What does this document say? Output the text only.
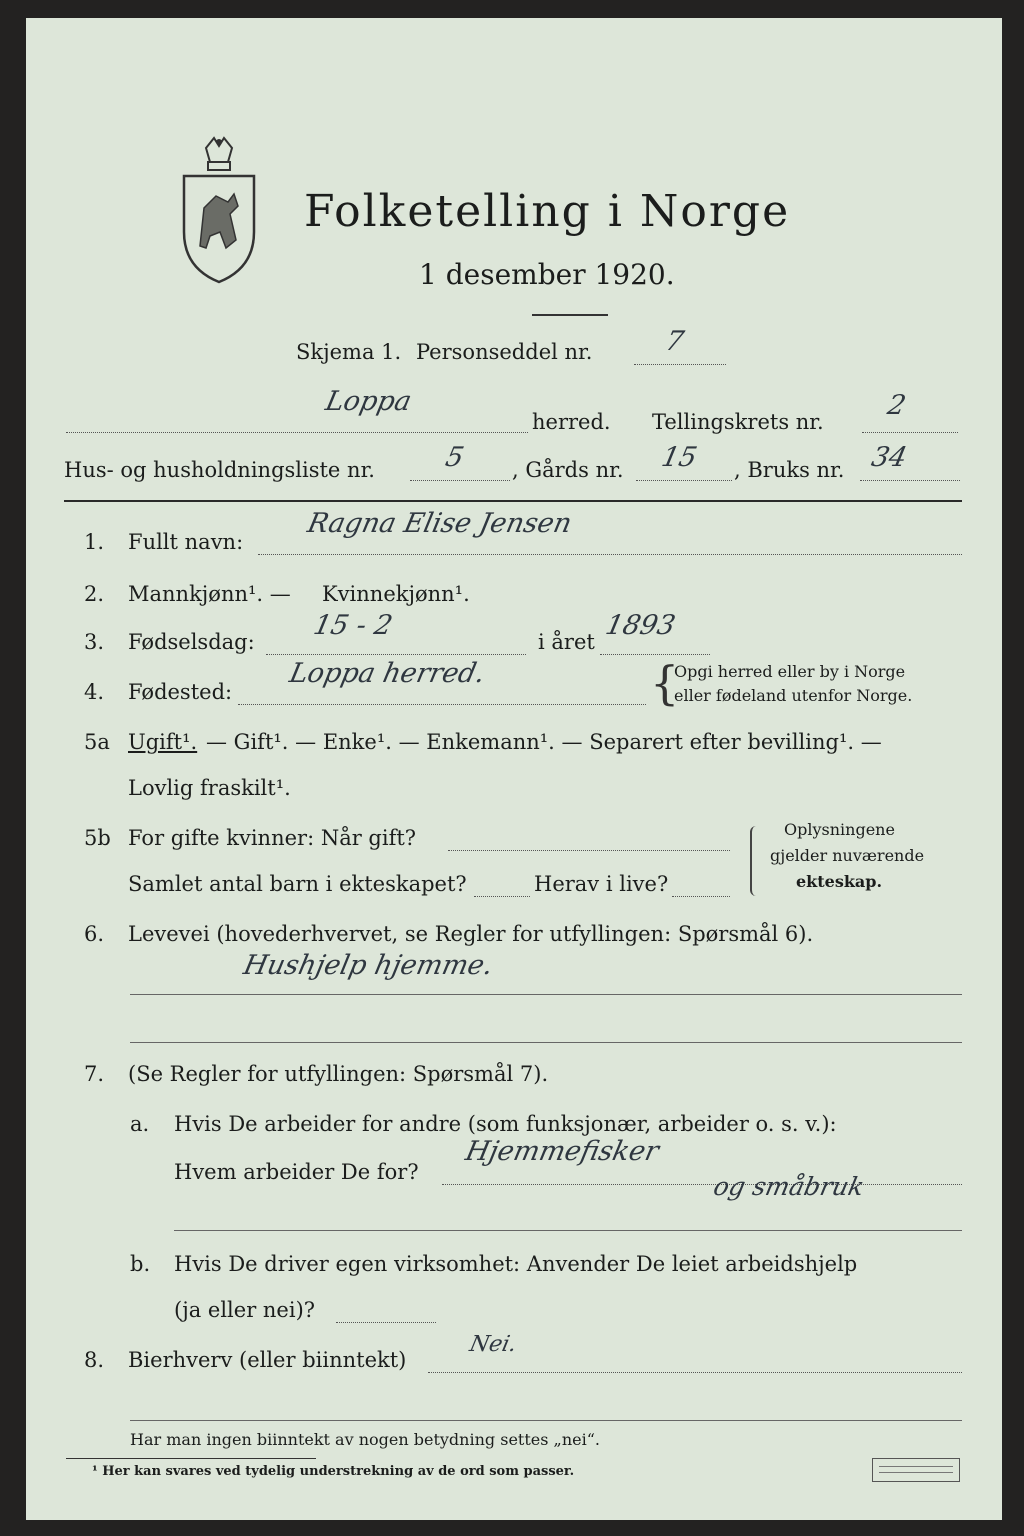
Folketelling i Norge
1 desember 1920.
Skjema 1. Personseddel nr.	7
Loppa
herred. Tellingskrets nr.
2
Hus- og husholdningsliste nr.	5 , Gårds nr. 15 , Bruks nr. 34
1. Fullt navn:
Ragna Elise Jensen
2. Mannkjønn¹. — Kvinnekjønn¹.
3. Fødselsdag:
15 - 2
i året
1893
4. Fødested:
Loppa herred.	{
Opgi herred eller by i Norge
eller fødeland utenfor Norge.
5a Ugift¹. — Gift¹. — Enke¹. — Enkemann¹. — Separert efter bevilling¹. —
Lovlig fraskilt¹.
5b For gifte kvinner: Når gift?
Samlet antal barn i ekteskapet?	Herav i live?
Oplysningene
gjelder nuværende
ekteskap.
6. Levevei (hovederhvervet, se Regler for utfyllingen: Spørsmål 6).
Hushjelp hjemme.
7. (Se Regler for utfyllingen: Spørsmål 7).
a. Hvis De arbeider for andre (som funksjonær, arbeider o. s. v.):
Hvem arbeider De for?
Hjemmefisker
og småbruk
b. Hvis De driver egen virksomhet: Anvender De leiet arbeidshjelp
(ja eller nei)?
8. Bierhverv (eller biinntekt)
Nei.
Har man ingen biinntekt av nogen betydning settes „nei“.
¹ Her kan svares ved tydelig understrekning av de ord som passer.
